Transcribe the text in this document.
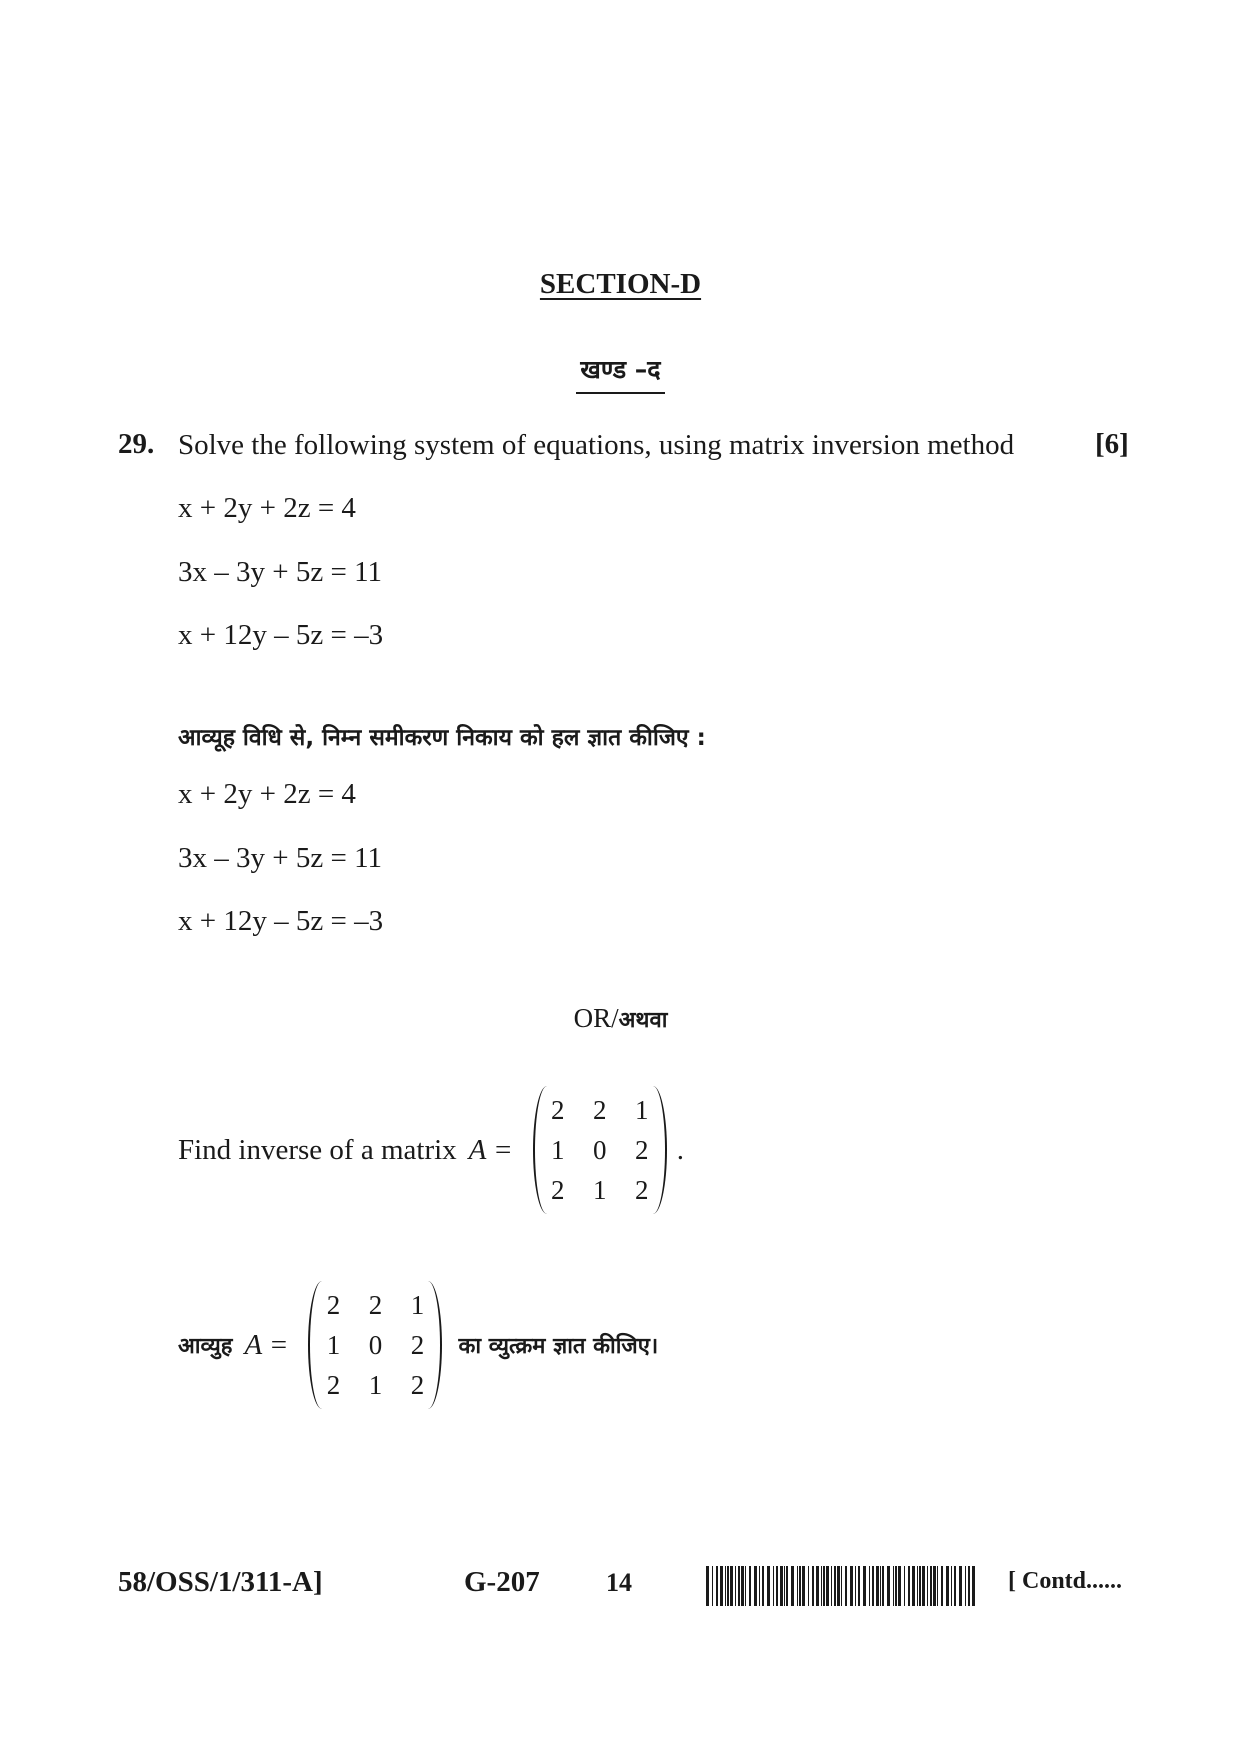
SECTION-D
खण्ड –द
29. Solve the following system of equations, using matrix inversion method	[6]
x + 2y + 2z = 4
3x – 3y + 5z = 11
x + 12y – 5z = –3
आव्यूह विधि से, निम्न समीकरण निकाय को हल ज्ञात कीजिए :
x + 2y + 2z = 4
3x – 3y + 5z = 11
x + 12y – 5z = –3
OR/अथवा
Find inverse of a matrix A =
2	2	1
1	0	2
2	1	2
.
आव्युह A =
2	2	1
1	0	2
2	1	2
का व्युत्क्रम ज्ञात कीजिए।
58/OSS/1/311-A]	G-207	14	[ Contd......
